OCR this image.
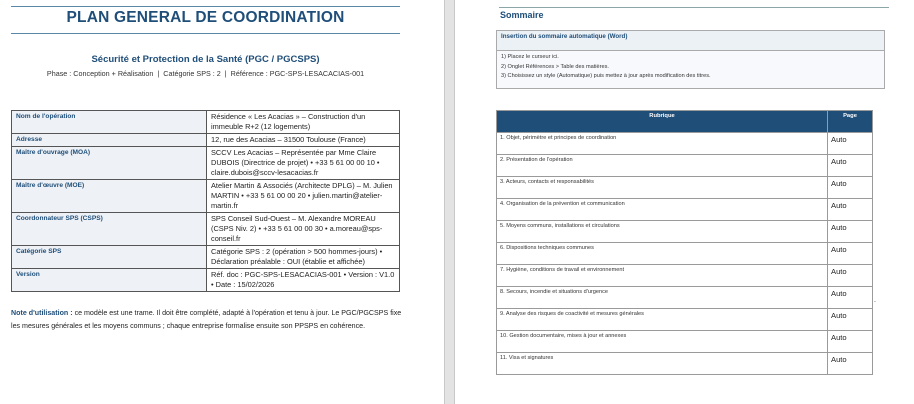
PLAN GENERAL DE COORDINATION
Sécurité et Protection de la Santé (PGC / PGCSPS)
Phase : Conception + Réalisation  |  Catégorie SPS : 2  |  Référence : PGC-SPS-LESACACIAS-001
Nom de l'opération	Résidence « Les Acacias » – Construction d'un immeuble R+2 (12 logements)
Adresse	12, rue des Acacias – 31500 Toulouse (France)
Maître d'ouvrage (MOA)	SCCV Les Acacias – Représentée par Mme Claire DUBOIS (Directrice de projet) • +33 5 61 00 00 10 • claire.dubois@sccv-lesacacias.fr
Maître d'œuvre (MOE)	Atelier Martin & Associés (Architecte DPLG) – M. Julien MARTIN • +33 5 61 00 00 20 • julien.martin@atelier-martin.fr
Coordonnateur SPS (CSPS)	SPS Conseil Sud-Ouest – M. Alexandre MOREAU (CSPS Niv. 2) • +33 5 61 00 00 30 • a.moreau@sps-conseil.fr
Catégorie SPS	Catégorie SPS : 2 (opération > 500 hommes-jours) • Déclaration préalable : OUI (établie et affichée)
Version	Réf. doc : PGC-SPS-LESACACIAS-001 • Version : V1.0 • Date : 15/02/2026
Note d'utilisation : ce modèle est une trame. Il doit être complété, adapté à l'opération et tenu à jour. Le PGC/PGCSPS fixe les mesures générales et les moyens communs ; chaque entreprise formalise ensuite son PPSPS en cohérence.
Sommaire
Insertion du sommaire automatique (Word)
1) Placez le curseur ici.
2) Onglet Références > Table des matières.
3) Choisissez un style (Automatique) puis mettez à jour après modification des titres.
Rubrique	Page
1. Objet, périmètre et principes de coordination	Auto
2. Présentation de l'opération	Auto
3. Acteurs, contacts et responsabilités	Auto
4. Organisation de la prévention et communication	Auto
5. Moyens communs, installations et circulations	Auto
6. Dispositions techniques communes	Auto
7. Hygiène, conditions de travail et environnement	Auto
8. Secours, incendie et situations d'urgence	Auto
9. Analyse des risques de coactivité et mesures générales	Auto
10. Gestion documentaire, mises à jour et annexes	Auto
11. Visa et signatures	Auto
.
